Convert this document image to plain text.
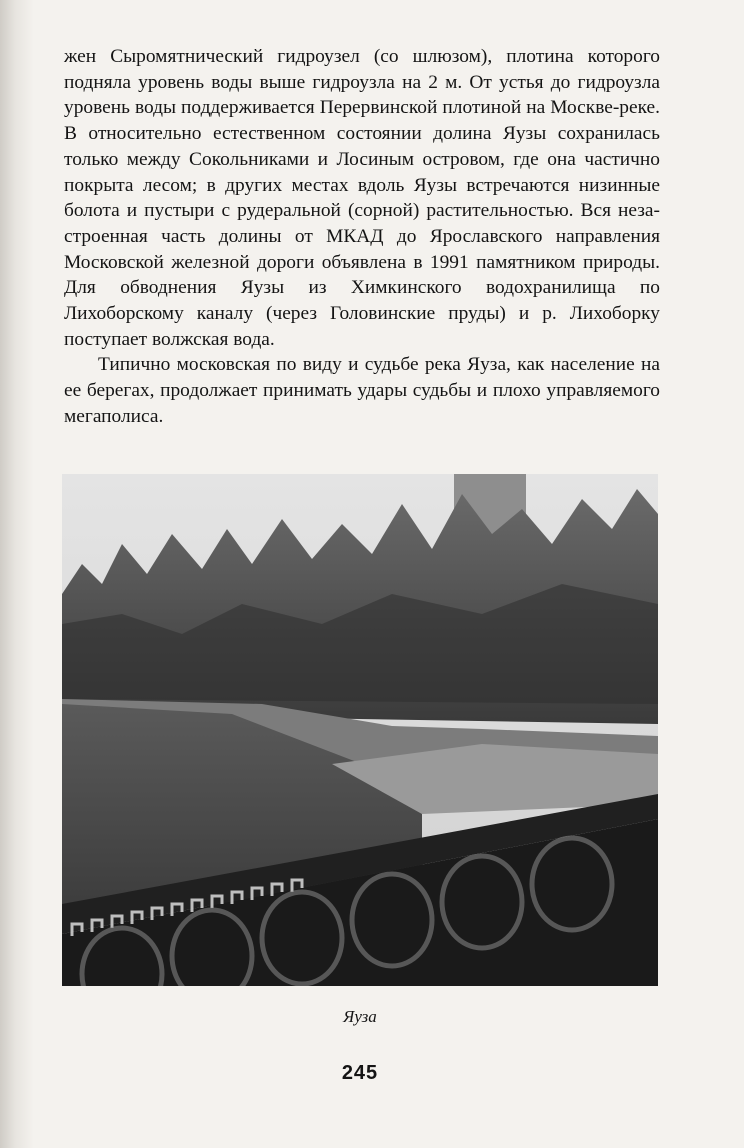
жен Сыромятнический гидроузел (со шлюзом), плотина которого подняла уровень воды выше гидроузла на 2 м. От устья до гидроузла уровень воды поддерживается Перервинской плотиной на Москве-реке. В относительно естественном состоянии долина Яузы сохранилась только между Сокольниками и Лосиным островом, где она частично покрыта лесом; в других местах вдоль Яузы встречаются низинные болота и пустыри с рудеральной (сорной) растительностью. Вся незастроенная часть долины от МКАД до Ярославского направления Московской железной дороги объявлена в 1991 памятником природы. Для обводнения Яузы из Химкинского водохранилища по Лихоборскому каналу (через Головинские пруды) и р. Лихоборку поступает волжская вода.

Типично московская по виду и судьбе река Яуза, как население на ее берегах, продолжает принимать удары судьбы и плохо управляемого мегаполиса.

Яуза
245
